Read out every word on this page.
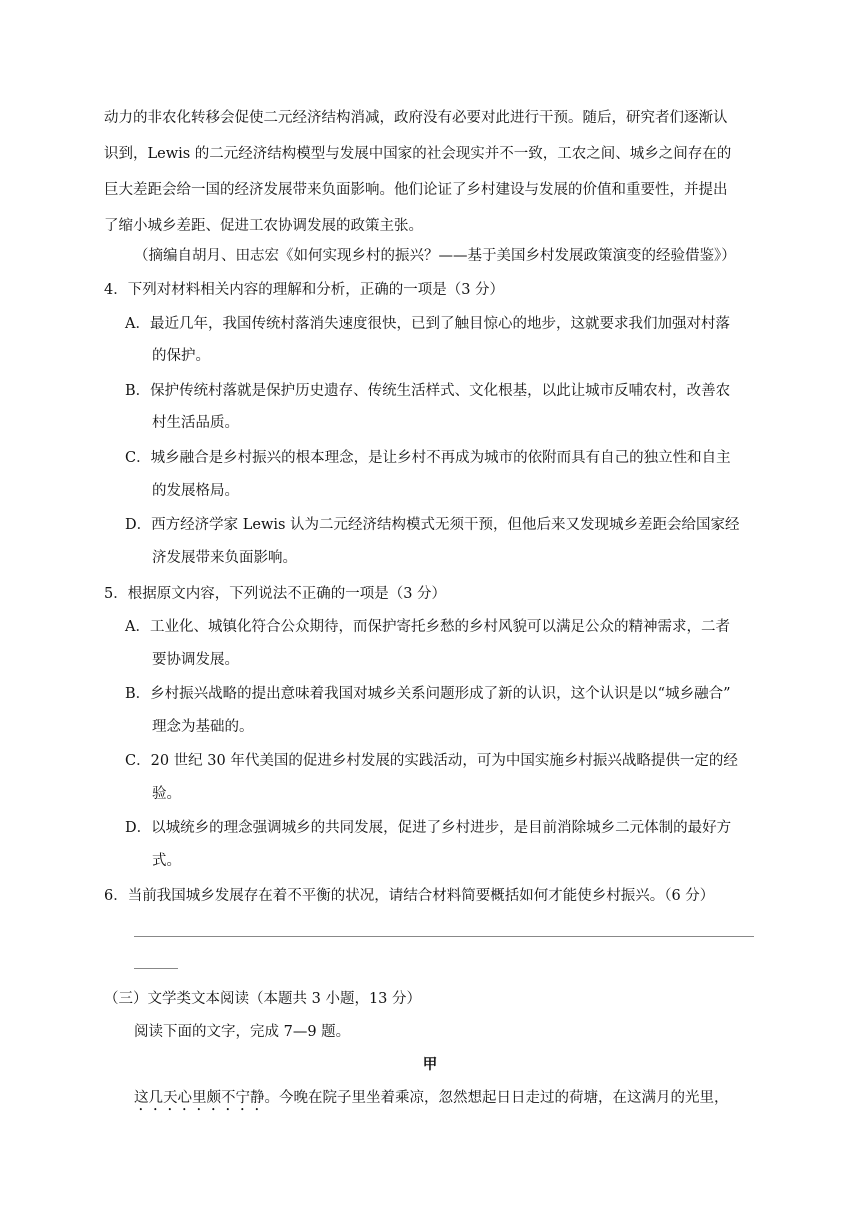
动力的非农化转移会促使二元经济结构消减，政府没有必要对此进行干预。随后，研究者们逐渐认
识到，Lewis 的二元经济结构模型与发展中国家的社会现实并不一致，工农之间、城乡之间存在的
巨大差距会给一国的经济发展带来负面影响。他们论证了乡村建设与发展的价值和重要性，并提出
了缩小城乡差距、促进工农协调发展的政策主张。
（摘编自胡月、田志宏《如何实现乡村的振兴？——基于美国乡村发展政策演变的经验借鉴》）
4．下列对材料相关内容的理解和分析，正确的一项是（3 分）
A．最近几年，我国传统村落消失速度很快，已到了触目惊心的地步，这就要求我们加强对村落
的保护。
B．保护传统村落就是保护历史遗存、传统生活样式、文化根基，以此让城市反哺农村，改善农
村生活品质。
C．城乡融合是乡村振兴的根本理念，是让乡村不再成为城市的依附而具有自己的独立性和自主
的发展格局。
D．西方经济学家 Lewis 认为二元经济结构模式无须干预，但他后来又发现城乡差距会给国家经
济发展带来负面影响。
5．根据原文内容，下列说法不正确的一项是（3 分）
A．工业化、城镇化符合公众期待，而保护寄托乡愁的乡村风貌可以满足公众的精神需求，二者
要协调发展。
B．乡村振兴战略的提出意味着我国对城乡关系问题形成了新的认识，这个认识是以“城乡融合”
理念为基础的。
C．20 世纪 30 年代美国的促进乡村发展的实践活动，可为中国实施乡村振兴战略提供一定的经
验。
D．以城统乡的理念强调城乡的共同发展，促进了乡村进步，是目前消除城乡二元体制的最好方
式。
6．当前我国城乡发展存在着不平衡的状况，请结合材料简要概括如何才能使乡村振兴。（6 分）
（三）文学类文本阅读（本题共 3 小题，13 分）
阅读下面的文字，完成 7—9 题。
甲
这几天心里颇不宁静。今晚在院子里坐着乘凉，忽然想起日日走过的荷塘，在这满月的光里，
